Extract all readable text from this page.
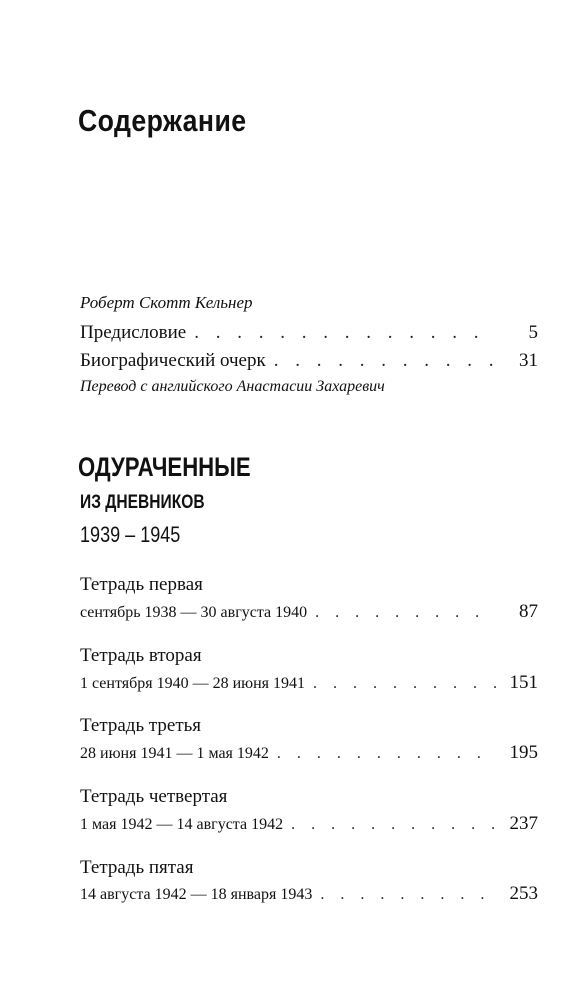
Содержание
Роберт Скотт Кельнер
Предисловие . . .	5
Биографический очерк . . .	31
Перевод с английского Анастасии Захаревич
ОДУРАЧЕННЫЕ
ИЗ ДНЕВНИКОВ
1939 – 1945
Тетрадь первая
сентябрь 1938 — 30 августа 1940 . . .	87
Тетрадь вторая
1 сентября 1940 — 28 июня 1941 . . .	151
Тетрадь третья
28 июня 1941 — 1 мая 1942 . . .	195
Тетрадь четвертая
1 мая 1942 — 14 августа 1942 . . .	237
Тетрадь пятая
14 августа 1942 — 18 января 1943 . . .	253
